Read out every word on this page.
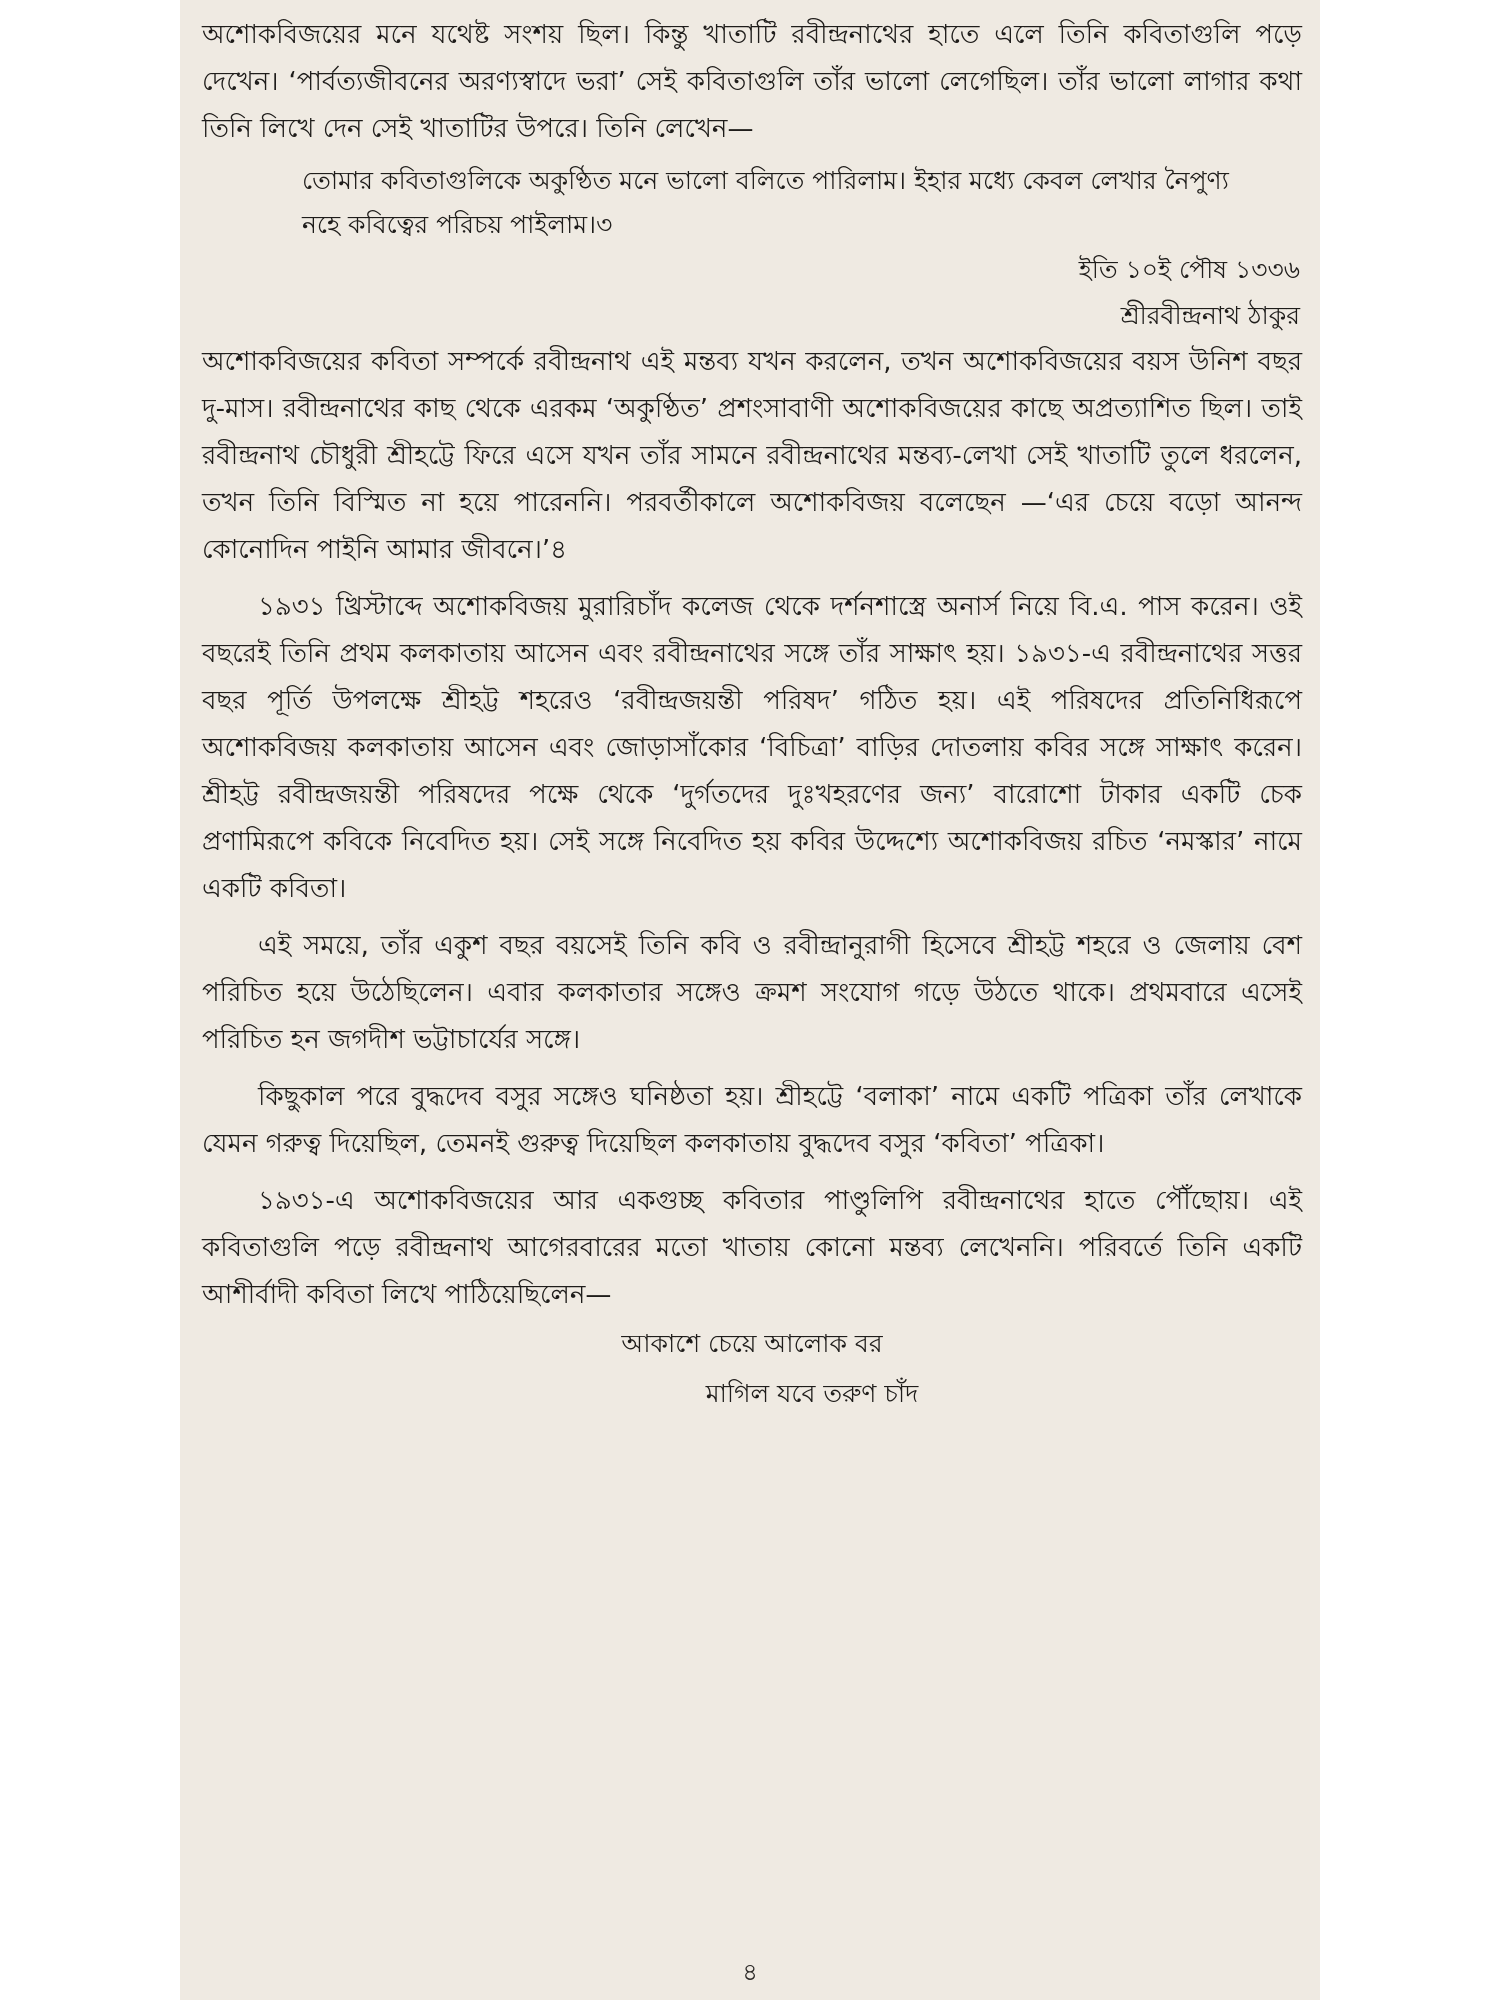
অশোকবিজয়ের মনে যথেষ্ট সংশয় ছিল। কিন্তু খাতাটি রবীন্দ্রনাথের হাতে এলে তিনি কবিতাগুলি পড়ে দেখেন। ‘পার্বত্যজীবনের অরণ্যস্বাদে ভরা’ সেই কবিতাগুলি তাঁর ভালো লেগেছিল। তাঁর ভালো লাগার কথা তিনি লিখে দেন সেই খাতাটির উপরে। তিনি লেখেন—

তোমার কবিতাগুলিকে অকুণ্ঠিত মনে ভালো বলিতে পারিলাম। ইহার মধ্যে কেবল লেখার নৈপুণ্য নহে কবিত্বের পরিচয় পাইলাম।৩

ইতি ১০ই পৌষ ১৩৩৬

শ্রীরবীন্দ্রনাথ ঠাকুর

অশোকবিজয়ের কবিতা সম্পর্কে রবীন্দ্রনাথ এই মন্তব্য যখন করলেন, তখন অশোকবিজয়ের বয়স উনিশ বছর দু-মাস। রবীন্দ্রনাথের কাছ থেকে এরকম ‘অকুণ্ঠিত’ প্রশংসাবাণী অশোকবিজয়ের কাছে অপ্রত্যাশিত ছিল। তাই রবীন্দ্রনাথ চৌধুরী শ্রীহট্টে ফিরে এসে যখন তাঁর সামনে রবীন্দ্রনাথের মন্তব্য-লেখা সেই খাতাটি তুলে ধরলেন, তখন তিনি বিস্মিত না হয়ে পারেননি। পরবর্তীকালে অশোকবিজয় বলেছেন —‘এর চেয়ে বড়ো আনন্দ কোনোদিন পাইনি আমার জীবনে।’৪

১৯৩১ খ্রিস্টাব্দে অশোকবিজয় মুরারিচাঁদ কলেজ থেকে দর্শনশাস্ত্রে অনার্স নিয়ে বি.এ. পাস করেন। ওই বছরেই তিনি প্রথম কলকাতায় আসেন এবং রবীন্দ্রনাথের সঙ্গে তাঁর সাক্ষাৎ হয়। ১৯৩১-এ রবীন্দ্রনাথের সত্তর বছর পূর্তি উপলক্ষে শ্রীহট্ট শহরেও ‘রবীন্দ্রজয়ন্তী পরিষদ’ গঠিত হয়। এই পরিষদের প্রতিনিধিরূপে অশোকবিজয় কলকাতায় আসেন এবং জোড়াসাঁকোর ‘বিচিত্রা’ বাড়ির দোতলায় কবির সঙ্গে সাক্ষাৎ করেন। শ্রীহট্ট রবীন্দ্রজয়ন্তী পরিষদের পক্ষে থেকে ‘দুর্গতদের দুঃখহরণের জন্য’ বারোশো টাকার একটি চেক প্রণামিরূপে কবিকে নিবেদিত হয়। সেই সঙ্গে নিবেদিত হয় কবির উদ্দেশ্যে অশোকবিজয় রচিত ‘নমস্কার’ নামে একটি কবিতা।

এই সময়ে, তাঁর একুশ বছর বয়সেই তিনি কবি ও রবীন্দ্রানুরাগী হিসেবে শ্রীহট্ট শহরে ও জেলায় বেশ পরিচিত হয়ে উঠেছিলেন। এবার কলকাতার সঙ্গেও ক্রমশ সংযোগ গড়ে উঠতে থাকে। প্রথমবারে এসেই পরিচিত হন জগদীশ ভট্টাচার্যের সঙ্গে।

কিছুকাল পরে বুদ্ধদেব বসুর সঙ্গেও ঘনিষ্ঠতা হয়। শ্রীহট্টে ‘বলাকা’ নামে একটি পত্রিকা তাঁর লেখাকে যেমন গরুত্ব দিয়েছিল, তেমনই গুরুত্ব দিয়েছিল কলকাতায় বুদ্ধদেব বসুর ‘কবিতা’ পত্রিকা।

১৯৩১-এ অশোকবিজয়ের আর একগুচ্ছ কবিতার পাণ্ডুলিপি রবীন্দ্রনাথের হাতে পৌঁছোয়। এই কবিতাগুলি পড়ে রবীন্দ্রনাথ আগেরবারের মতো খাতায় কোনো মন্তব্য লেখেননি। পরিবর্তে তিনি একটি আশীর্বাদী কবিতা লিখে পাঠিয়েছিলেন—

আকাশে চেয়ে আলোক বর

মাগিল যবে তরুণ চাঁদ

৪
